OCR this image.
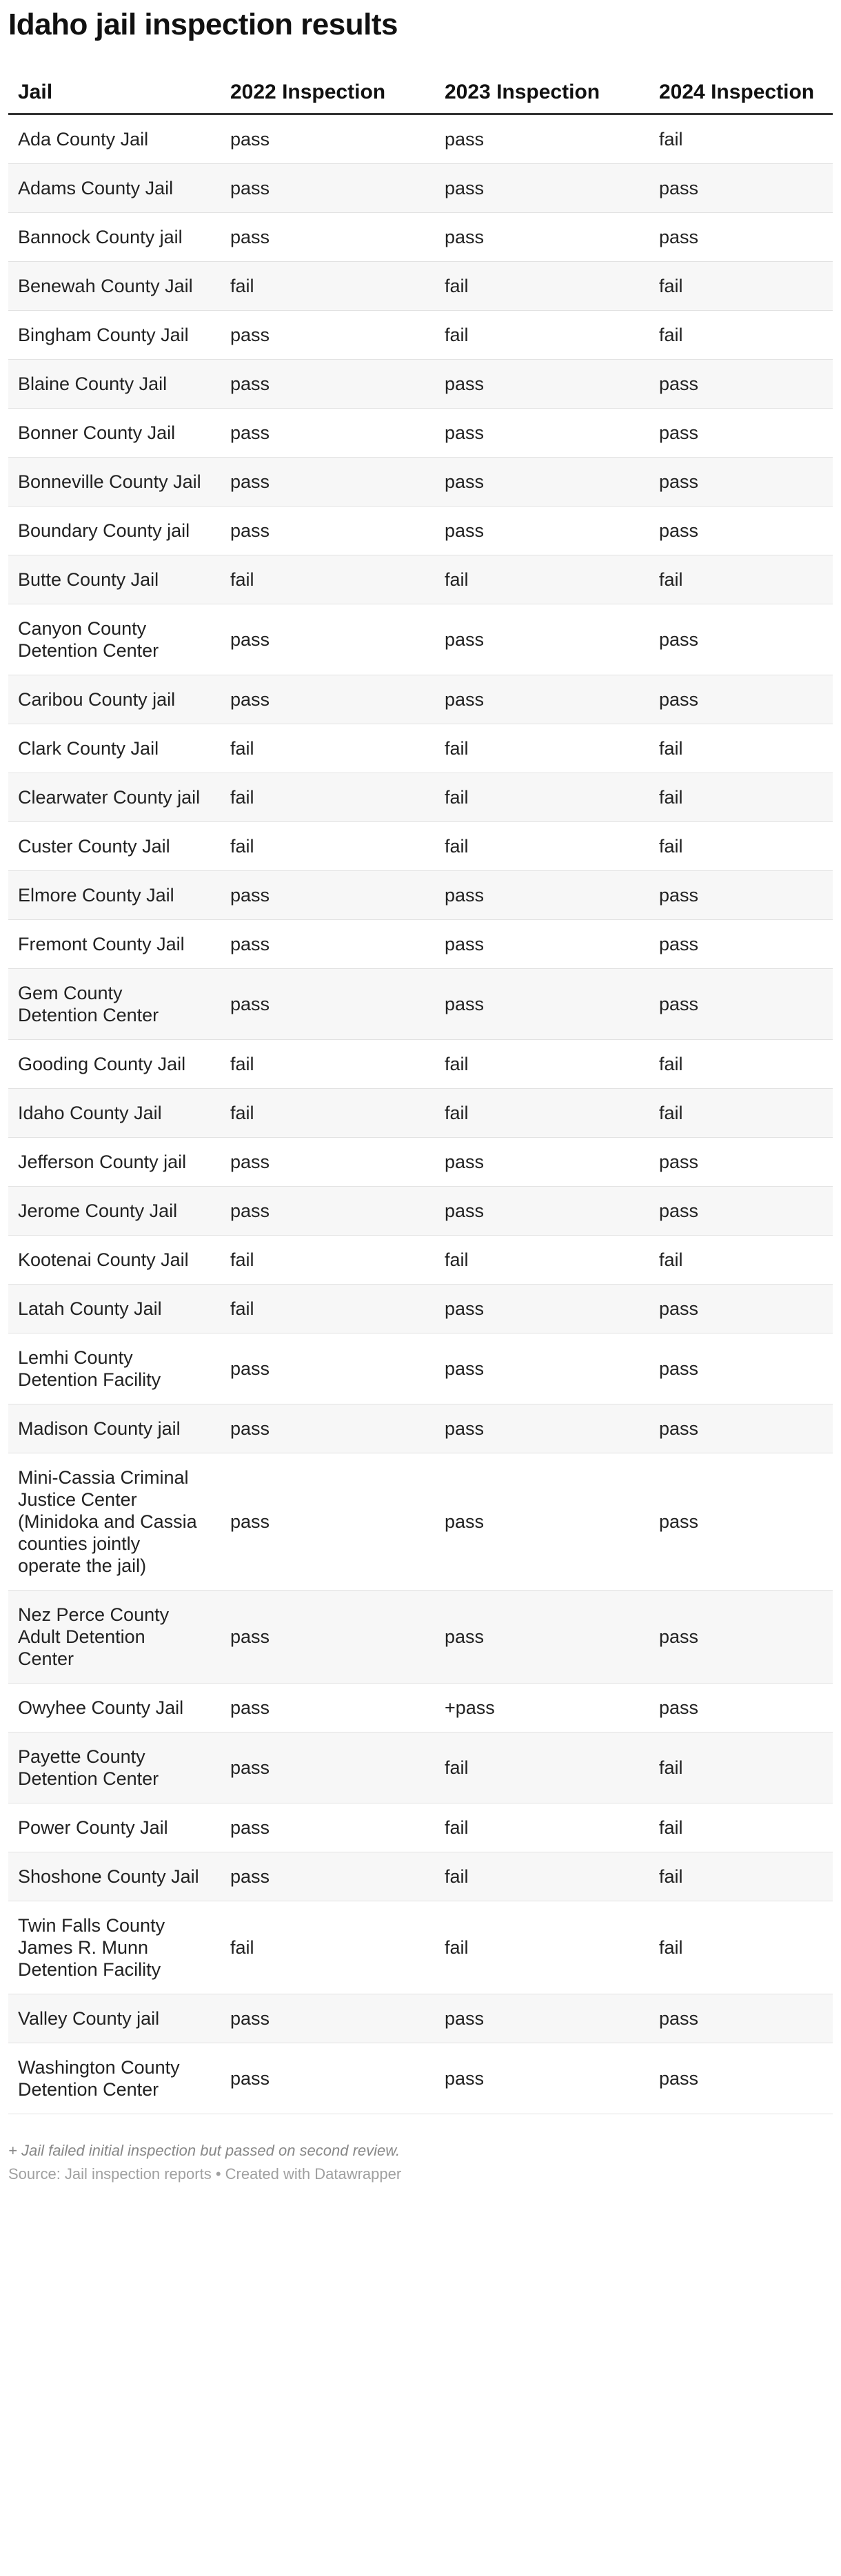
Idaho jail inspection results
Jail	2022 Inspection	2023 Inspection	2024 Inspection
Ada County Jail	pass	pass	fail
Adams County Jail	pass	pass	pass
Bannock County jail	pass	pass	pass
Benewah County Jail	fail	fail	fail
Bingham County Jail	pass	fail	fail
Blaine County Jail	pass	pass	pass
Bonner County Jail	pass	pass	pass
Bonneville County Jail	pass	pass	pass
Boundary County jail	pass	pass	pass
Butte County Jail	fail	fail	fail
Canyon County Detention Center	pass	pass	pass
Caribou County jail	pass	pass	pass
Clark County Jail	fail	fail	fail
Clearwater County jail	fail	fail	fail
Custer County Jail	fail	fail	fail
Elmore County Jail	pass	pass	pass
Fremont County Jail	pass	pass	pass
Gem County Detention Center	pass	pass	pass
Gooding County Jail	fail	fail	fail
Idaho County Jail	fail	fail	fail
Jefferson County jail	pass	pass	pass
Jerome County Jail	pass	pass	pass
Kootenai County Jail	fail	fail	fail
Latah County Jail	fail	pass	pass
Lemhi County Detention Facility	pass	pass	pass
Madison County jail	pass	pass	pass
Mini-Cassia Criminal Justice Center (Minidoka and Cassia counties jointly operate the jail)	pass	pass	pass
Nez Perce County Adult Detention Center	pass	pass	pass
Owyhee County Jail	pass	+pass	pass
Payette County Detention Center	pass	fail	fail
Power County Jail	pass	fail	fail
Shoshone County Jail	pass	fail	fail
Twin Falls County James R. Munn Detention Facility	fail	fail	fail
Valley County jail	pass	pass	pass
Washington County Detention Center	pass	pass	pass
+ Jail failed initial inspection but passed on second review.
Source: Jail inspection reports • Created with Datawrapper
